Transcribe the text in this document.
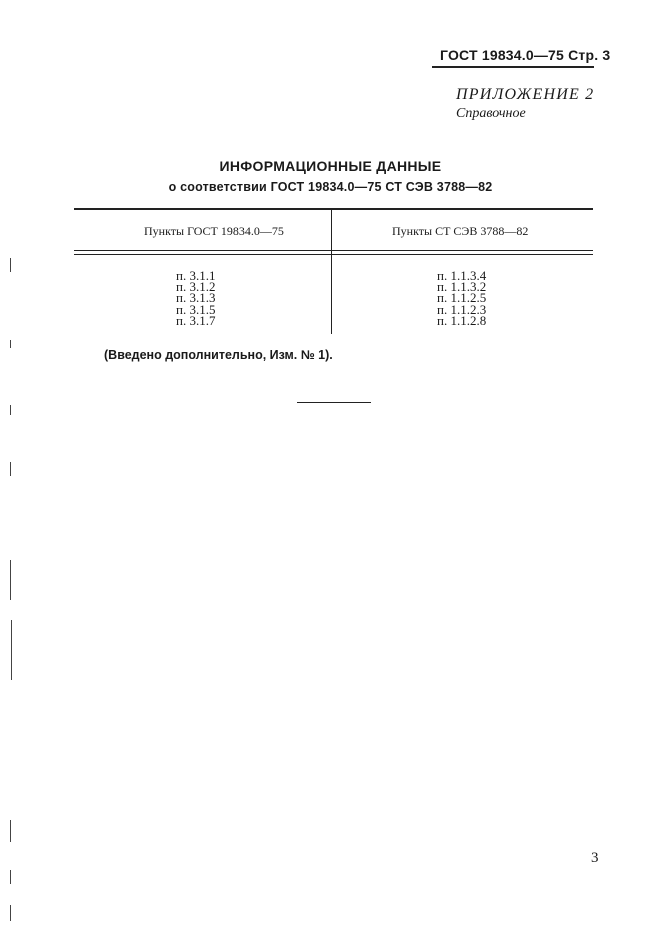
ГОСТ 19834.0—75 Стр. 3
ПРИЛОЖЕНИЕ 2
Справочное
ИНФОРМАЦИОННЫЕ ДАННЫЕ
о соответствии ГОСТ 19834.0—75 СТ СЭВ 3788—82
Пункты ГОСТ 19834.0—75	Пункты СТ СЭВ 3788—82
п. 3.1.1
п. 3.1.2
п. 3.1.3
п. 3.1.5
п. 3.1.7
п. 1.1.3.4
п. 1.1.3.2
п. 1.1.2.5
п. 1.1.2.3
п. 1.1.2.8
(Введено дополнительно, Изм. № 1).
3
